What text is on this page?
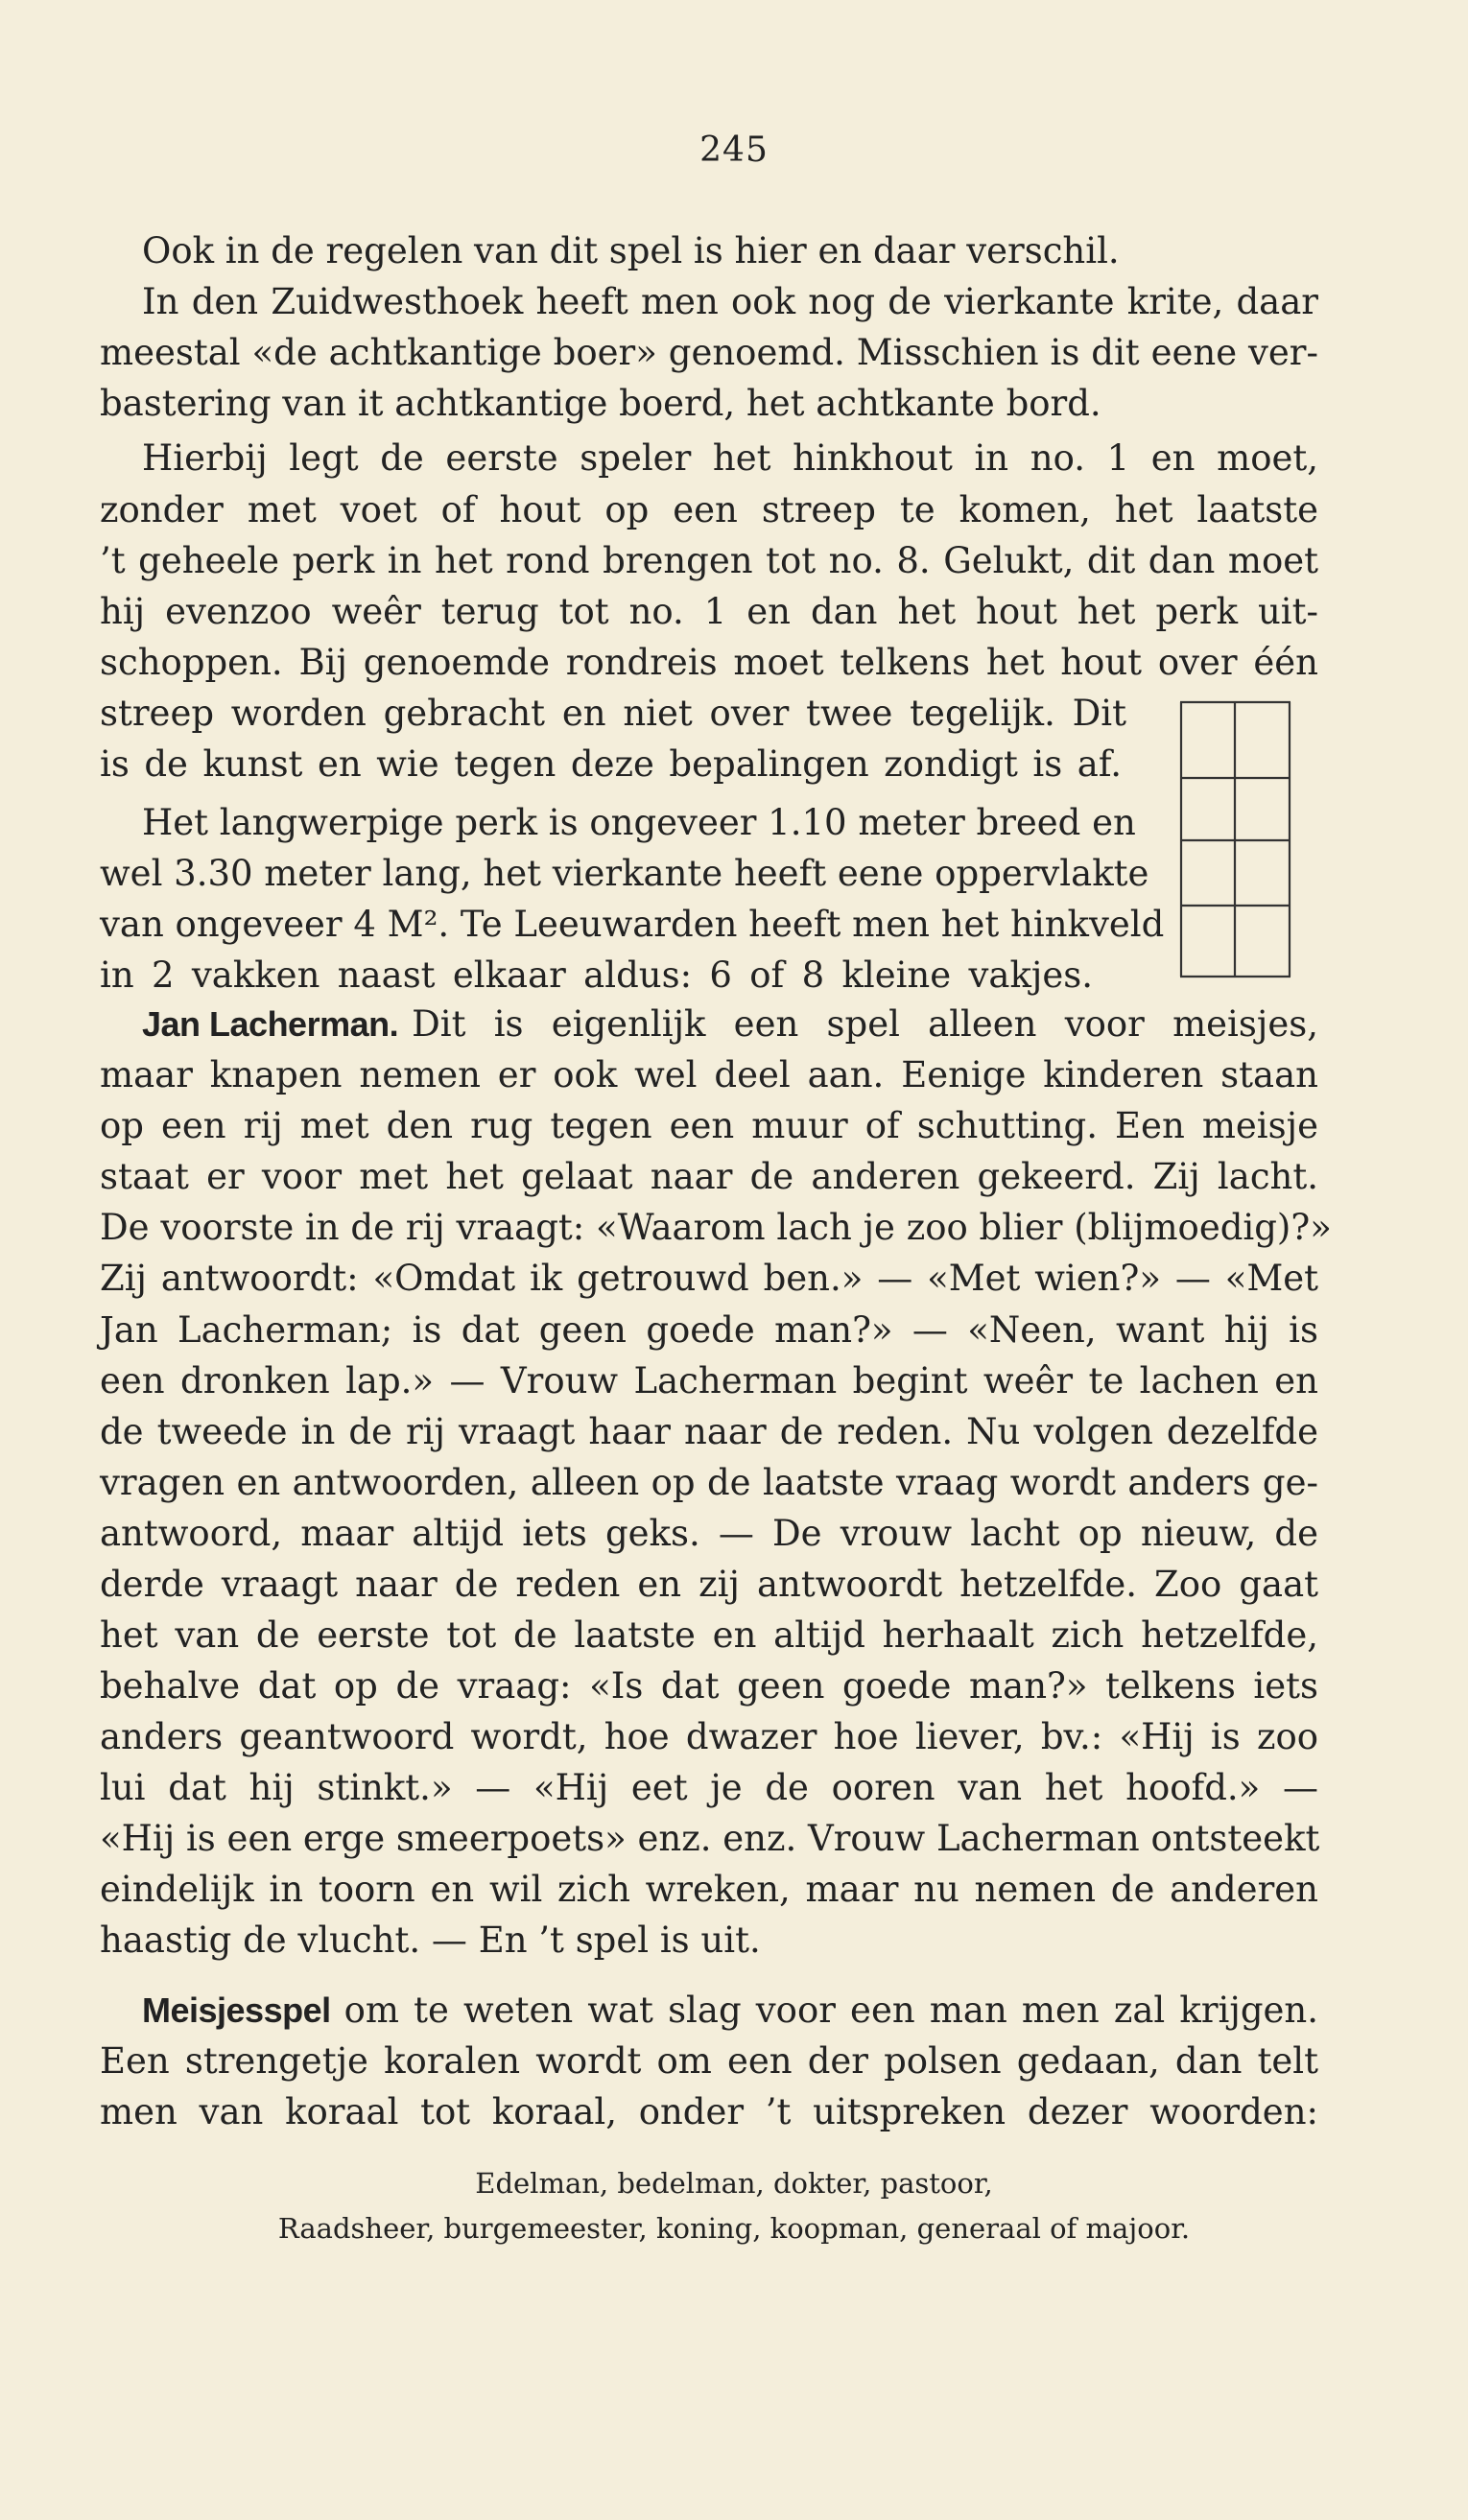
245
Ook in de regelen van dit spel is hier en daar verschil.
In den Zuidwesthoek heeft men ook nog de vierkante krite, daar
meestal «de achtkantige boer» genoemd. Misschien is dit eene ver-
bastering van it achtkantige boerd, het achtkante bord.
Hierbij legt de eerste speler het hinkhout in no. 1 en moet,
zonder met voet of hout op een streep te komen, het laatste
’t geheele perk in het rond brengen tot no. 8. Gelukt, dit dan moet
hij evenzoo weêr terug tot no. 1 en dan het hout het perk uit-
schoppen. Bij genoemde rondreis moet telkens het hout over één
streep worden gebracht en niet over twee tegelijk. Dit
is de kunst en wie tegen deze bepalingen zondigt is af.
Het langwerpige perk is ongeveer 1.10 meter breed en
wel 3.30 meter lang, het vierkante heeft eene oppervlakte
van ongeveer 4 M². Te Leeuwarden heeft men het hinkveld
in 2 vakken naast elkaar aldus: 6 of 8 kleine vakjes.
Jan Lacherman. Dit is eigenlijk een spel alleen voor meisjes,
maar knapen nemen er ook wel deel aan. Eenige kinderen staan
op een rij met den rug tegen een muur of schutting. Een meisje
staat er voor met het gelaat naar de anderen gekeerd. Zij lacht.
De voorste in de rij vraagt: «Waarom lach je zoo blier (blijmoedig)?»
Zij antwoordt: «Omdat ik getrouwd ben.» — «Met wien?» — «Met
Jan Lacherman; is dat geen goede man?» — «Neen, want hij is
een dronken lap.» — Vrouw Lacherman begint weêr te lachen en
de tweede in de rij vraagt haar naar de reden. Nu volgen dezelfde
vragen en antwoorden, alleen op de laatste vraag wordt anders ge-
antwoord, maar altijd iets geks. — De vrouw lacht op nieuw, de
derde vraagt naar de reden en zij antwoordt hetzelfde. Zoo gaat
het van de eerste tot de laatste en altijd herhaalt zich hetzelfde,
behalve dat op de vraag: «Is dat geen goede man?» telkens iets
anders geantwoord wordt, hoe dwazer hoe liever, bv.: «Hij is zoo
lui dat hij stinkt.» — «Hij eet je de ooren van het hoofd.» —
«Hij is een erge smeerpoets» enz. enz. Vrouw Lacherman ontsteekt
eindelijk in toorn en wil zich wreken, maar nu nemen de anderen
haastig de vlucht. — En ’t spel is uit.
Meisjesspel om te weten wat slag voor een man men zal krijgen.
Een strengetje koralen wordt om een der polsen gedaan, dan telt
men van koraal tot koraal, onder ’t uitspreken dezer woorden:
Edelman, bedelman, dokter, pastoor,
Raadsheer, burgemeester, koning, koopman, generaal of majoor.
